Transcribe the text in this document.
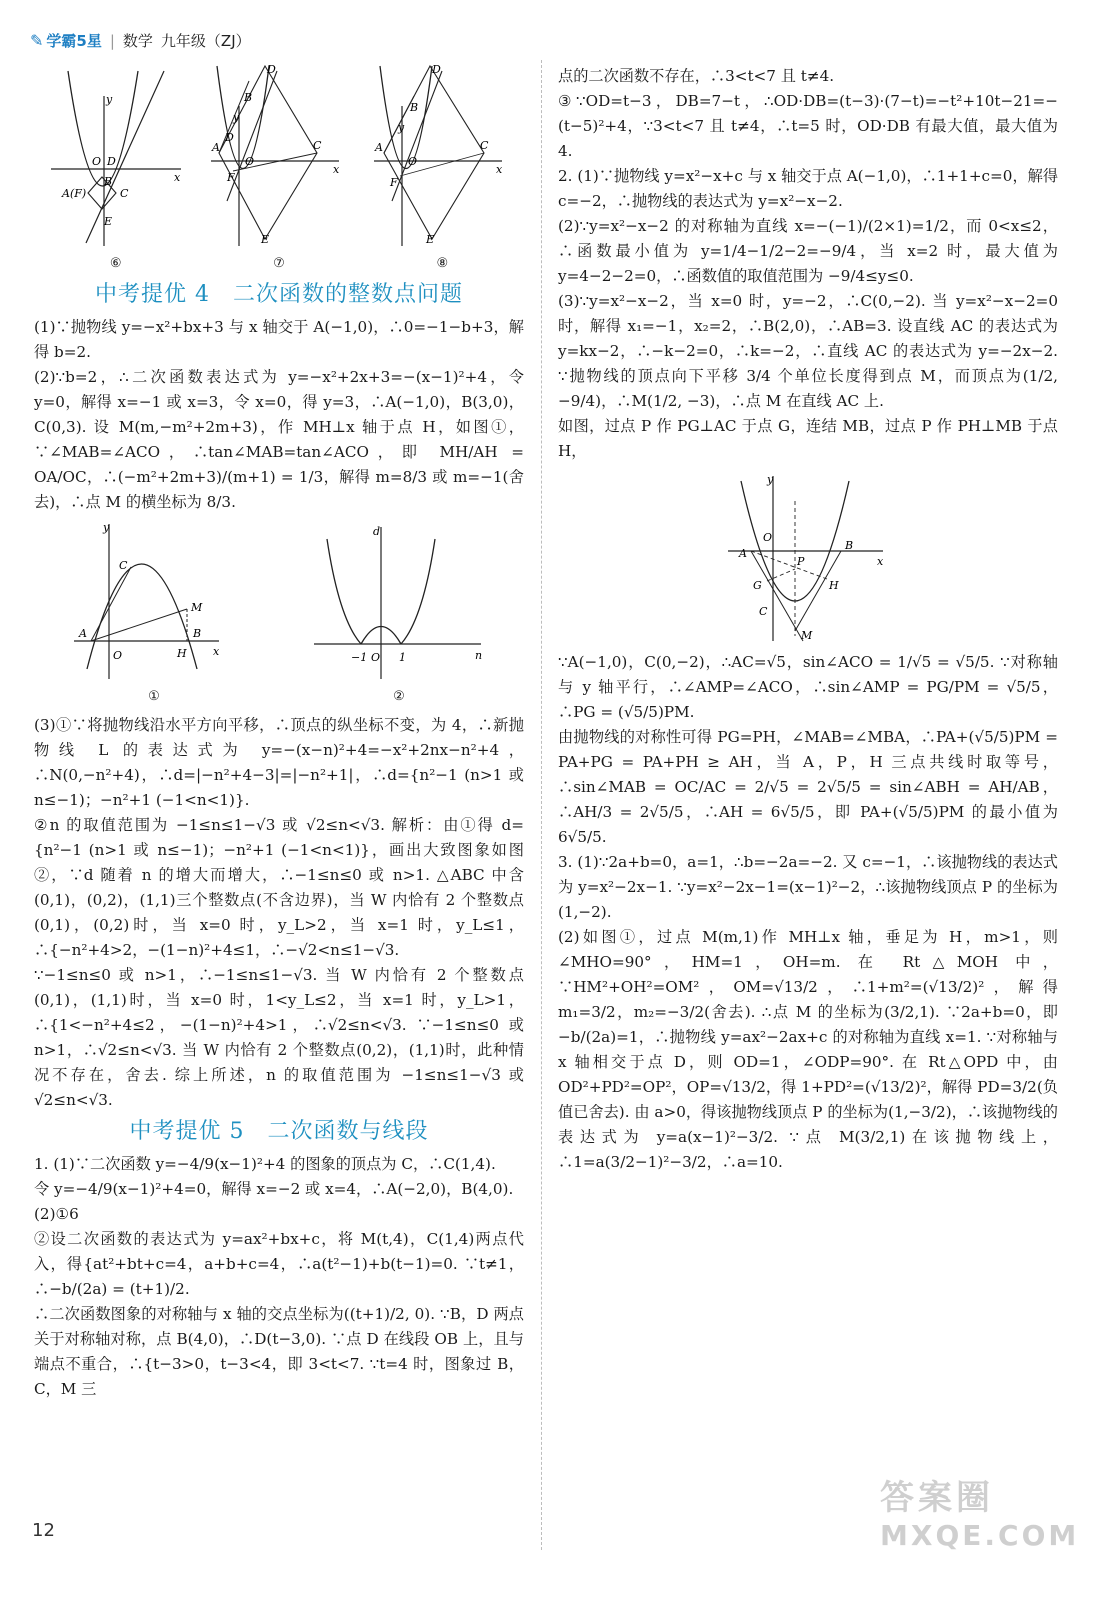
✎ 学霸5星 | 数学 九年级（ZJ）
y
x
O D
B
C
A(F)
E
⑥
D
B
y
A
D
O
F
C
x
E
⑦
D
B
y
A
O
F
C
x
E
⑧
中考提优 4　二次函数的整数点问题

(1)∵抛物线 y=−x²+bx+3 与 x 轴交于 A(−1,0)，∴0=−1−b+3，解得 b=2.

(2)∵b=2，∴二次函数表达式为 y=−x²+2x+3=−(x−1)²+4，令 y=0，解得 x=−1 或 x=3，令 x=0，得 y=3，∴A(−1,0)，B(3,0)，C(0,3). 设 M(m,−m²+2m+3)，作 MH⊥x 轴于点 H，如图①，∵∠MAB=∠ACO，∴tan∠MAB=tan∠ACO，即 MH/AH = OA/OC，∴(−m²+2m+3)/(m+1) = 1/3，解得 m=8/3 或 m=−1(舍去)，∴点 M 的横坐标为 8/3.

y
C
A
O
M
B
H x
①
d
−1 O 1	n
②

(3)①∵将抛物线沿水平方向平移，∴顶点的纵坐标不变，为 4，∴新抛物线 L 的表达式为 y=−(x−n)²+4=−x²+2nx−n²+4，∴N(0,−n²+4)，∴d=|−n²+4−3|=|−n²+1|，∴d={n²−1 (n>1 或 n≤−1)；−n²+1 (−1<n<1)}.

②n 的取值范围为 −1≤n≤1−√3 或 √2≤n<√3. 解析：由①得 d={n²−1 (n>1 或 n≤−1)；−n²+1 (−1<n<1)}，画出大致图象如图②，∵d 随着 n 的增大而增大，∴−1≤n≤0 或 n>1. △ABC 中含(0,1)，(0,2)，(1,1)三个整数点(不含边界)，当 W 内恰有 2 个整数点(0,1)，(0,2)时，当 x=0 时，y_L>2，当 x=1 时，y_L≤1，∴{−n²+4>2，−(1−n)²+4≤1，∴−√2<n≤1−√3.

∵−1≤n≤0 或 n>1，∴−1≤n≤1−√3. 当 W 内恰有 2 个整数点(0,1)，(1,1)时，当 x=0 时，1<y_L≤2，当 x=1 时，y_L>1，∴{1<−n²+4≤2，−(1−n)²+4>1，∴√2≤n<√3. ∵−1≤n≤0 或 n>1，∴√2≤n<√3. 当 W 内恰有 2 个整数点(0,2)，(1,1)时，此种情况不存在，舍去. 综上所述，n 的取值范围为 −1≤n≤1−√3 或 √2≤n<√3.

中考提优 5　二次函数与线段

1. (1)∵二次函数 y=−4/9(x−1)²+4 的图象的顶点为 C，∴C(1,4).

令 y=−4/9(x−1)²+4=0，解得 x=−2 或 x=4，∴A(−2,0)，B(4,0).

(2)①6

②设二次函数的表达式为 y=ax²+bx+c，将 M(t,4)，C(1,4)两点代入，得{at²+bt+c=4，a+b+c=4，∴a(t²−1)+b(t−1)=0. ∵t≠1，∴−b/(2a) = (t+1)/2.

∴二次函数图象的对称轴与 x 轴的交点坐标为((t+1)/2, 0). ∵B，D 两点关于对称轴对称，点 B(4,0)，∴D(t−3,0). ∵点 D 在线段 OB 上，且与端点不重合，∴{t−3>0，t−3<4，即 3<t<7. ∵t=4 时，图象过 B，C，M 三

点的二次函数不存在，∴3<t<7 且 t≠4.

③∵OD=t−3，DB=7−t，∴OD·DB=(t−3)·(7−t)=−t²+10t−21=−(t−5)²+4，∵3<t<7 且 t≠4，∴t=5 时，OD·DB 有最大值，最大值为 4.

2. (1)∵抛物线 y=x²−x+c 与 x 轴交于点 A(−1,0)，∴1+1+c=0，解得 c=−2，∴抛物线的表达式为 y=x²−x−2.

(2)∵y=x²−x−2 的对称轴为直线 x=−(−1)/(2×1)=1/2，而 0<x≤2，∴函数最小值为 y=1/4−1/2−2=−9/4，当 x=2 时，最大值为 y=4−2−2=0，∴函数值的取值范围为 −9/4≤y≤0.

(3)∵y=x²−x−2，当 x=0 时，y=−2，∴C(0,−2). 当 y=x²−x−2=0 时，解得 x₁=−1，x₂=2，∴B(2,0)，∴AB=3. 设直线 AC 的表达式为 y=kx−2，∴−k−2=0，∴k=−2，∴直线 AC 的表达式为 y=−2x−2. ∵抛物线的顶点向下平移 3/4 个单位长度得到点 M，而顶点为(1/2, −9/4)，∴M(1/2, −3)，∴点 M 在直线 AC 上.

如图，过点 P 作 PG⊥AC 于点 G，连结 MB，过点 P 作 PH⊥MB 于点 H，

y
O
A
B
x
P
H
G
C
M

∵A(−1,0)，C(0,−2)，∴AC=√5，sin∠ACO = 1/√5 = √5/5. ∵对称轴与 y 轴平行，∴∠AMP=∠ACO，∴sin∠AMP = PG/PM = √5/5，∴PG = (√5/5)PM.

由抛物线的对称性可得 PG=PH，∠MAB=∠MBA，∴PA+(√5/5)PM = PA+PG = PA+PH ≥ AH，当 A，P，H 三点共线时取等号，∴sin∠MAB = OC/AC = 2/√5 = 2√5/5 = sin∠ABH = AH/AB，∴AH/3 = 2√5/5，∴AH = 6√5/5，即 PA+(√5/5)PM 的最小值为 6√5/5.

3. (1)∵2a+b=0，a=1，∴b=−2a=−2. 又 c=−1，∴该抛物线的表达式为 y=x²−2x−1. ∵y=x²−2x−1=(x−1)²−2，∴该抛物线顶点 P 的坐标为(1,−2).

(2)如图①，过点 M(m,1)作 MH⊥x 轴，垂足为 H，m>1，则∠MHO=90°，HM=1，OH=m. 在 Rt△MOH 中，∵HM²+OH²=OM²，OM=√13/2，∴1+m²=(√13/2)²，解得 m₁=3/2，m₂=−3/2(舍去). ∴点 M 的坐标为(3/2,1). ∵2a+b=0，即 −b/(2a)=1，∴抛物线 y=ax²−2ax+c 的对称轴为直线 x=1. ∵对称轴与 x 轴相交于点 D，则 OD=1，∠ODP=90°. 在 Rt△OPD 中，由 OD²+PD²=OP²，OP=√13/2，得 1+PD²=(√13/2)²，解得 PD=3/2(负值已舍去). 由 a>0，得该抛物线顶点 P 的坐标为(1,−3/2)，∴该抛物线的表达式为 y=a(x−1)²−3/2. ∵点 M(3/2,1)在该抛物线上，∴1=a(3/2−1)²−3/2，∴a=10.

12
答案圈
MXQE.COM
